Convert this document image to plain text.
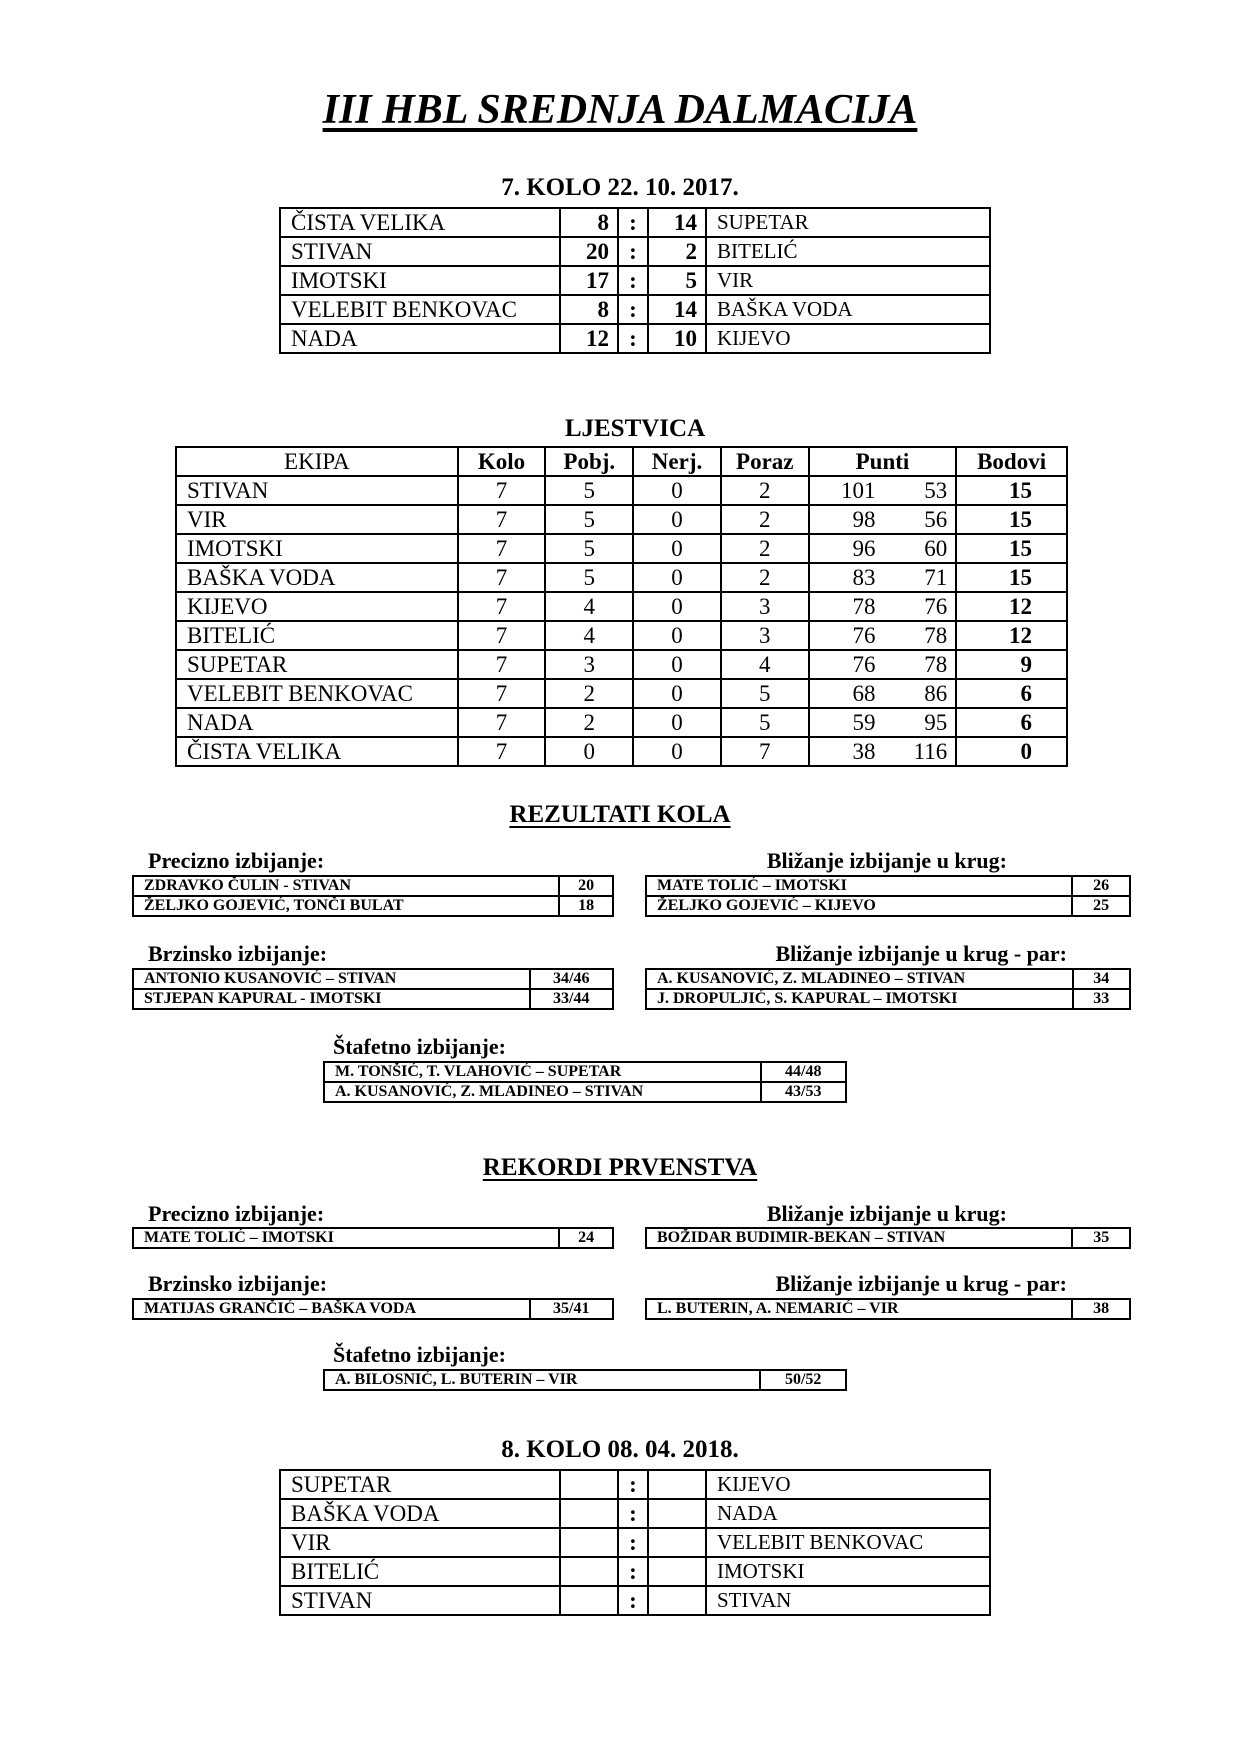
III HBL SREDNJA DALMACIJA
7. KOLO 22. 10. 2017.
ČISTA VELIKA	8	:	14	SUPETAR
STIVAN	20	:	2	BITELIĆ
IMOTSKI	17	:	5	VIR
VELEBIT BENKOVAC	8	:	14	BAŠKA VODA
NADA	12	:	10	KIJEVO
LJESTVICA
EKIPA	Kolo	Pobj.	Nerj.	Poraz	Punti		Bodovi
STIVAN	7	5	0	2	101	53	15
VIR	7	5	0	2	98	56	15
IMOTSKI	7	5	0	2	96	60	15
BAŠKA VODA	7	5	0	2	83	71	15
KIJEVO	7	4	0	3	78	76	12
BITELIĆ	7	4	0	3	76	78	12
SUPETAR	7	3	0	4	76	78	9
VELEBIT BENKOVAC	7	2	0	5	68	86	6
NADA	7	2	0	5	59	95	6
ČISTA VELIKA	7	0	0	7	38	116	0
REZULTATI KOLA
Precizno izbijanje:
ZDRAVKO ČULIN - STIVAN	20
ŽELJKO GOJEVIĆ, TONČI BULAT	18
Bližanje izbijanje u krug:
MATE TOLIĆ – IMOTSKI	26
ŽELJKO GOJEVIĆ – KIJEVO	25
Brzinsko izbijanje:
ANTONIO KUSANOVIĆ – STIVAN	34/46
STJEPAN KAPURAL - IMOTSKI	33/44
Bližanje izbijanje u krug - par:
A. KUSANOVIĆ, Z. MLADINEO – STIVAN	34
J. DROPULJIĆ, S. KAPURAL – IMOTSKI	33
Štafetno izbijanje:
M. TONŠIĆ, T. VLAHOVIĆ – SUPETAR	44/48
A. KUSANOVIĆ, Z. MLADINEO – STIVAN	43/53
REKORDI PRVENSTVA
Precizno izbijanje:
MATE TOLIĆ – IMOTSKI	24
Bližanje izbijanje u krug:
BOŽIDAR BUDIMIR-BEKAN – STIVAN	35
Brzinsko izbijanje:
MATIJAS GRANČIĆ – BAŠKA VODA	35/41
Bližanje izbijanje u krug - par:
L. BUTERIN, A. NEMARIĆ – VIR	38
Štafetno izbijanje:
A. BILOSNIĆ, L. BUTERIN – VIR	50/52
8. KOLO 08. 04. 2018.
SUPETAR		:		KIJEVO
BAŠKA VODA		:		NADA
VIR		:		VELEBIT BENKOVAC
BITELIĆ		:		IMOTSKI
STIVAN		:		STIVAN
